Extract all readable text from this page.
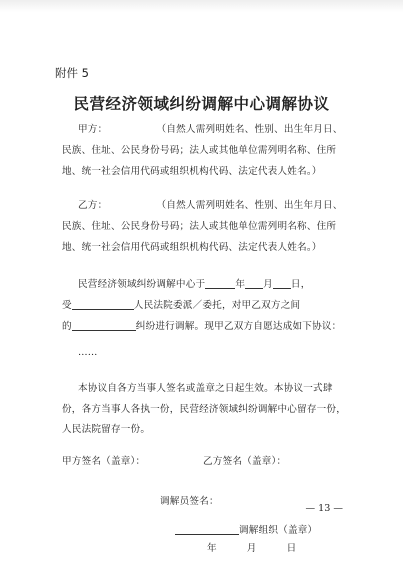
附件 5
民营经济领域纠纷调解中心调解协议
甲方：　　　　　　（自然人需列明姓名、性别、出生年月日、
民族、住址、公民身份号码；法人或其他单位需列明名称、住所
地、统一社会信用代码或组织机构代码、法定代表人姓名。）
乙方：　　　　　　（自然人需列明姓名、性别、出生年月日、
民族、住址、公民身份号码；法人或其他单位需列明名称、住所
地、统一社会信用代码或组织机构代码、法定代表人姓名。）
民营经济领域纠纷调解中心于	年 月 日，
受	人民法院委派／委托，对甲乙双方之间
的	纠纷进行调解。现甲乙双方自愿达成如下协议：
……
本协议自各方当事人签名或盖章之日起生效。本协议一式肆
份，各方当事人各执一份，民营经济领域纠纷调解中心留存一份，
人民法院留存一份。
甲方签名（盖章）：	乙方签名（盖章）：
调解员签名：
调解组织（盖章）
年	月	日
— 13 —
